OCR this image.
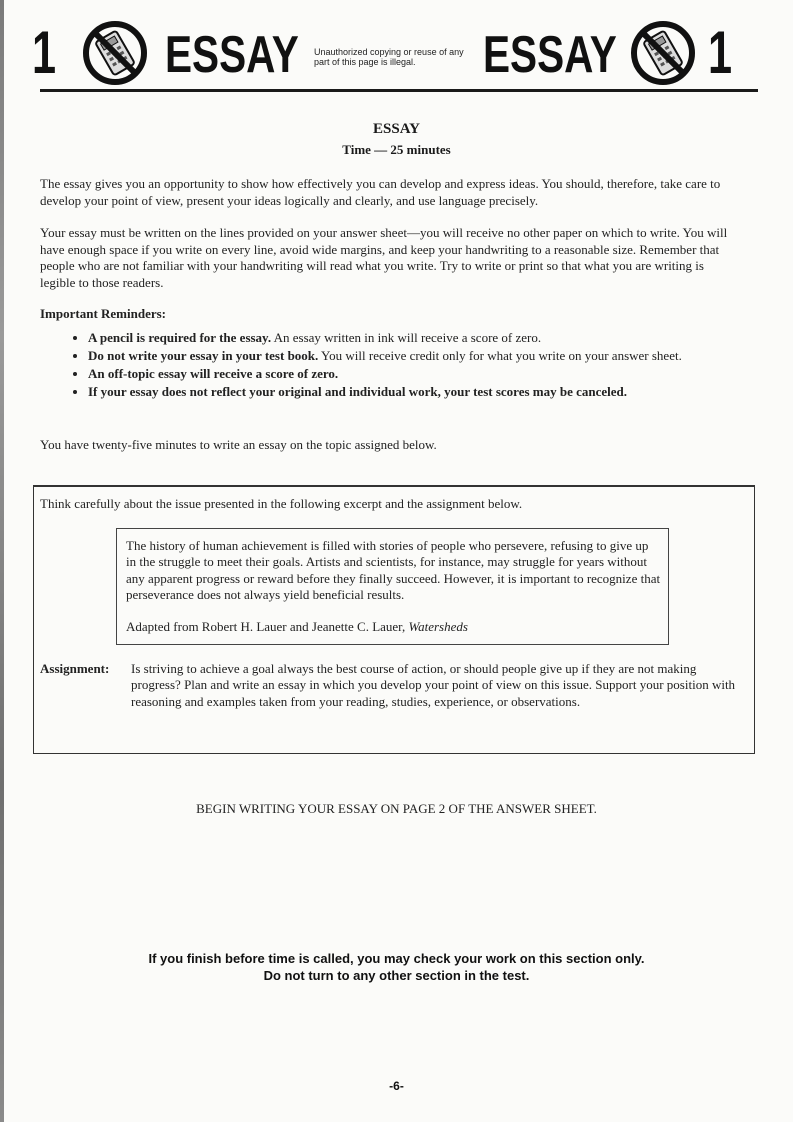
1 ESSAY Unauthorized copying or reuse of any part of this page is illegal.	ESSAY 1
ESSAY
Time — 25 minutes
The essay gives you an opportunity to show how effectively you can develop and express ideas. You should, therefore, take care to develop your point of view, present your ideas logically and clearly, and use language precisely.
Your essay must be written on the lines provided on your answer sheet—you will receive no other paper on which to write. You will have enough space if you write on every line, avoid wide margins, and keep your handwriting to a reasonable size. Remember that people who are not familiar with your handwriting will read what you write. Try to write or print so that what you are writing is legible to those readers.
Important Reminders:
• A pencil is required for the essay. An essay written in ink will receive a score of zero.
• Do not write your essay in your test book. You will receive credit only for what you write on your answer sheet.
• An off-topic essay will receive a score of zero.
• If your essay does not reflect your original and individual work, your test scores may be canceled.
You have twenty-five minutes to write an essay on the topic assigned below.
Think carefully about the issue presented in the following excerpt and the assignment below.
The history of human achievement is filled with stories of people who persevere, refusing to give up in the struggle to meet their goals. Artists and scientists, for instance, may struggle for years without any apparent progress or reward before they finally succeed. However, it is important to recognize that perseverance does not always yield beneficial results.
Adapted from Robert H. Lauer and Jeanette C. Lauer, Watersheds
Assignment: Is striving to achieve a goal always the best course of action, or should people give up if they are not making progress? Plan and write an essay in which you develop your point of view on this issue. Support your position with reasoning and examples taken from your reading, studies, experience, or observations.
BEGIN WRITING YOUR ESSAY ON PAGE 2 OF THE ANSWER SHEET.
If you finish before time is called, you may check your work on this section only.
Do not turn to any other section in the test.
-6-
